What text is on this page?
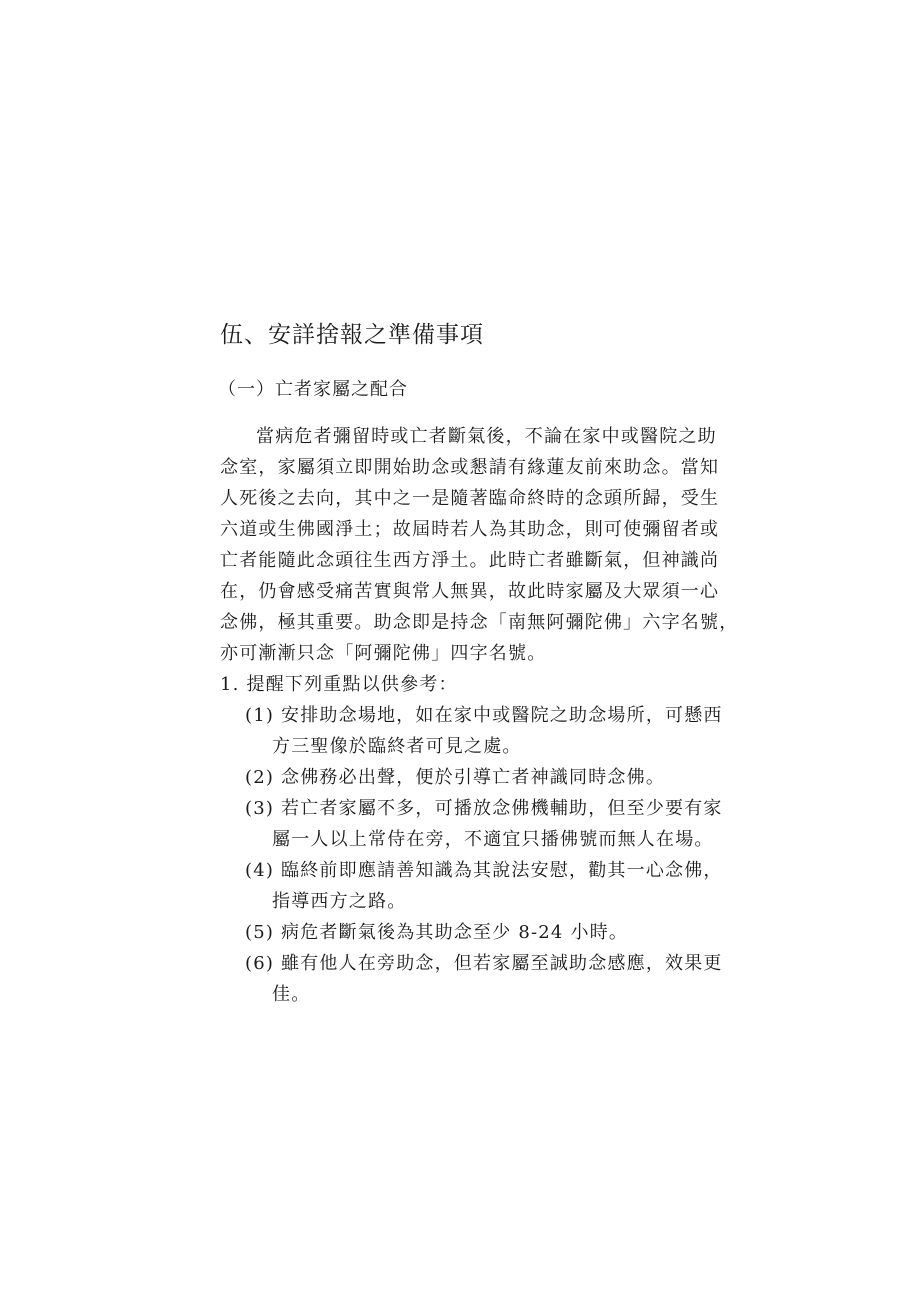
伍、安詳捨報之準備事項
（一）亡者家屬之配合
當病危者彌留時或亡者斷氣後，不論在家中或醫院之助
念室，家屬須立即開始助念或懇請有緣蓮友前來助念。當知
人死後之去向，其中之一是隨著臨命終時的念頭所歸，受生
六道或生佛國淨土；故屆時若人為其助念，則可使彌留者或
亡者能隨此念頭往生西方淨土。此時亡者雖斷氣，但神識尚
在，仍會感受痛苦實與常人無異，故此時家屬及大眾須一心
念佛，極其重要。助念即是持念「南無阿彌陀佛」六字名號，
亦可漸漸只念「阿彌陀佛」四字名號。
1. 提醒下列重點以供參考：
(1) 安排助念場地，如在家中或醫院之助念場所，可懸西
方三聖像於臨終者可見之處。
(2) 念佛務必出聲，便於引導亡者神識同時念佛。
(3) 若亡者家屬不多，可播放念佛機輔助，但至少要有家
屬一人以上常侍在旁，不適宜只播佛號而無人在場。
(4) 臨終前即應請善知識為其說法安慰，勸其一心念佛，
指導西方之路。
(5) 病危者斷氣後為其助念至少 8-24 小時。
(6) 雖有他人在旁助念，但若家屬至誠助念感應，效果更
佳。
